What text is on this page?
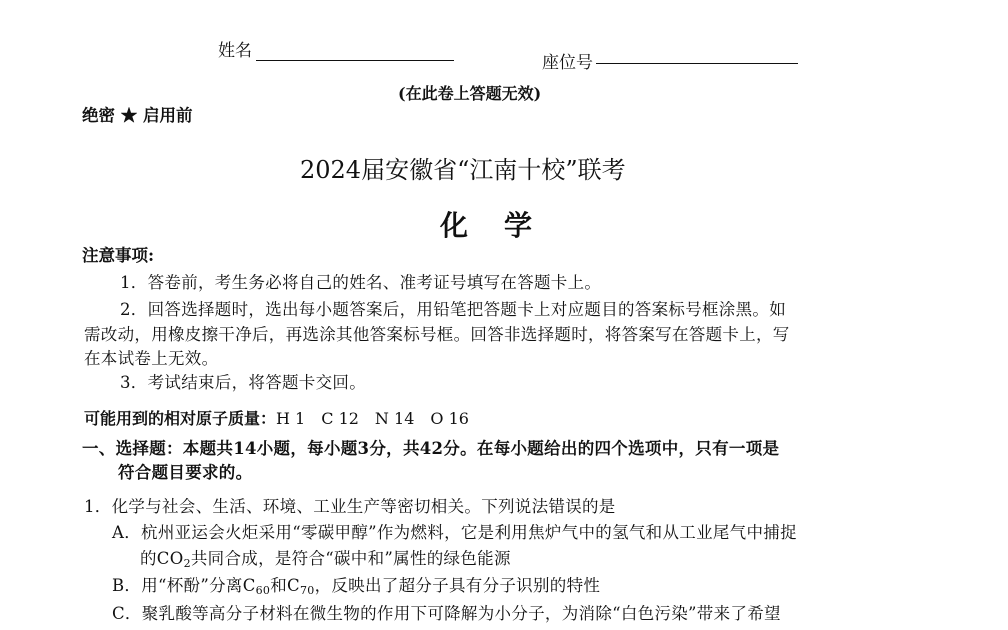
姓名
座位号
(在此卷上答题无效)
绝密 ★ 启用前
2024届安徽省“江南十校”联考
化　学
注意事项:
1．答卷前，考生务必将自己的姓名、准考证号填写在答题卡上。
2．回答选择题时，选出每小题答案后，用铅笔把答题卡上对应题目的答案标号框涂黑。如
需改动，用橡皮擦干净后，再选涂其他答案标号框。回答非选择题时，将答案写在答题卡上，写
在本试卷上无效。
3．考试结束后，将答题卡交回。
可能用到的相对原子质量：H 1　C 12　N 14　O 16
一、选择题：本题共14小题，每小题3分，共42分。在每小题给出的四个选项中，只有一项是
符合题目要求的。
1．化学与社会、生活、环境、工业生产等密切相关。下列说法错误的是
A．杭州亚运会火炬采用“零碳甲醇”作为燃料，它是利用焦炉气中的氢气和从工业尾气中捕捉
的$CO_2$共同合成，是符合“碳中和”属性的绿色能源
B．用“杯酚”分离$C_{60}$和$C_{70}$，反映出了超分子具有分子识别的特性
C．聚乳酸等高分子材料在微生物的作用下可降解为小分子，为消除“白色污染”带来了希望
